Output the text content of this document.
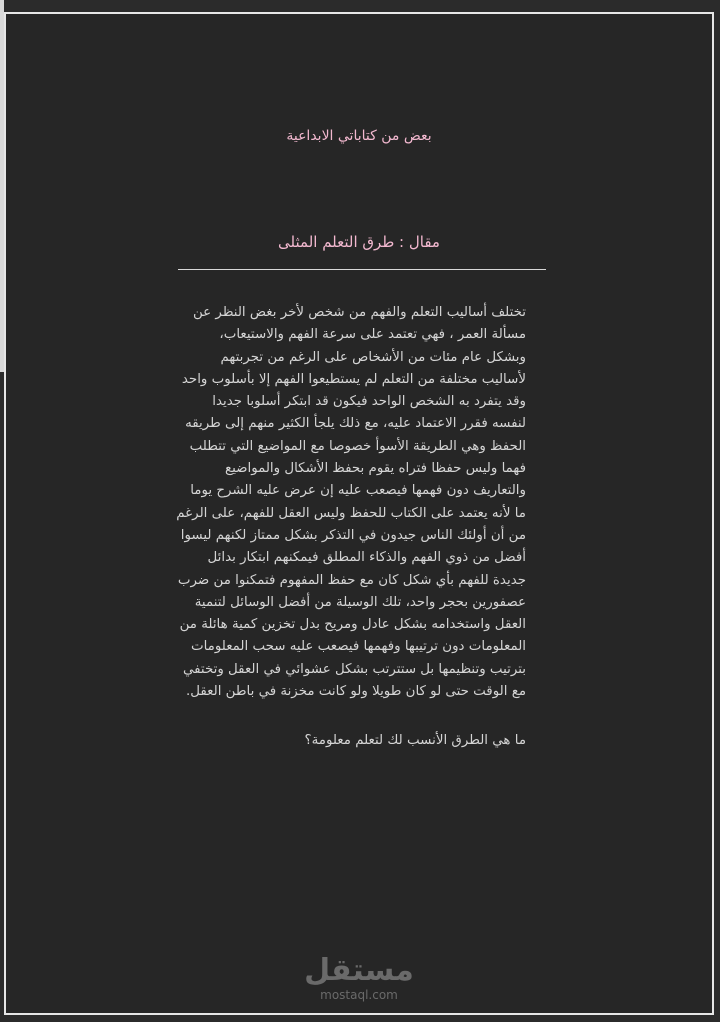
بعض من كتاباتي الابداعية
مقال : طرق التعلم المثلى

تختلف أساليب التعلم والفهم من شخص لأخر بغض النظر عن مسألة العمر ، فهي تعتمد على سرعة الفهم والاستيعاب، وبشكل عام مئات من الأشخاص على الرغم من تجربتهم لأساليب مختلفة من التعلم لم يستطيعوا الفهم إلا بأسلوب واحد وقد يتفرد به الشخص الواحد فيكون قد ابتكر أسلوبا جديدا لنفسه فقرر الاعتماد عليه، مع ذلك يلجأ الكثير منهم إلى طريقه الحفظ وهي الطريقة الأسوأ خصوصا مع المواضيع التي تتطلب فهما وليس حفظا فتراه يقوم بحفظ الأشكال والمواضيع والتعاريف دون فهمها فيصعب عليه إن عرض عليه الشرح يوما ما لأنه يعتمد على الكتاب للحفظ وليس العقل للفهم، على الرغم من أن أولئك الناس جيدون في التذكر بشكل ممتاز لكنهم ليسوا أفضل من ذوي الفهم والذكاء المطلق فيمكنهم ابتكار بدائل جديدة للفهم بأي شكل كان مع حفظ المفهوم فتمكنوا من ضرب عصفورين بحجر واحد، تلك الوسيلة من أفضل الوسائل لتنمية العقل واستخدامه بشكل عادل ومريح بدل تخزين كمية هائلة من المعلومات دون ترتيبها وفهمها فيصعب عليه سحب المعلومات بترتيب وتنظيمها بل ستترتب بشكل عشوائي في العقل وتختفي مع الوقت حتى لو كان طويلا ولو كانت مخزنة في باطن العقل.

ما هي الطرق الأنسب لك لتعلم معلومة؟

مستقل
mostaql.com
